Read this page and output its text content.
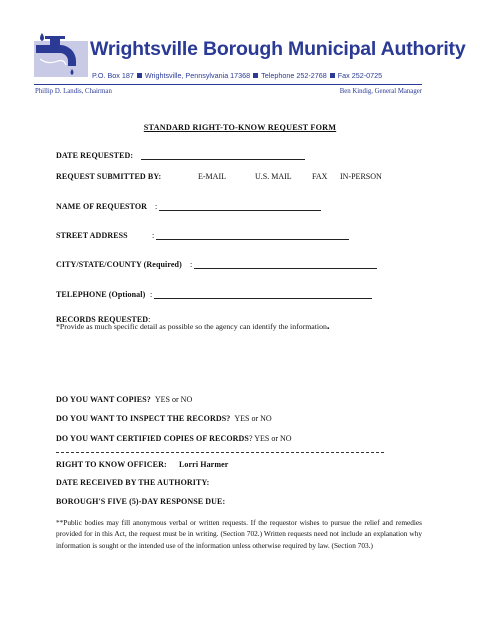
Wrightsville Borough Municipal Authority
P.O. Box 187 Wrightsville, Pennsylvania 17368 Telephone 252-2768 Fax 252-0725
Phillip D. Landis, Chairman	Ben Kindig, General Manager
STANDARD RIGHT-TO-KNOW REQUEST FORM
DATE REQUESTED:
REQUEST SUBMITTED BY:	E-MAIL	U.S. MAIL	FAX IN-PERSON
NAME OF REQUESTOR :
STREET ADDRESS	:
CITY/STATE/COUNTY (Required) :
TELEPHONE (Optional) :
RECORDS REQUESTED:
*Provide as much specific detail as possible so the agency can identify the information.
DO YOU WANT COPIES? YES or NO
DO YOU WANT TO INSPECT THE RECORDS? YES or NO
DO YOU WANT CERTIFIED COPIES OF RECORDS? YES or NO
RIGHT TO KNOW OFFICER: Lorri Harmer
DATE RECEIVED BY THE AUTHORITY:
BOROUGH'S FIVE (5)-DAY RESPONSE DUE:
**Public bodies may fill anonymous verbal or written requests. If the requestor wishes to pursue the relief and remedies provided for in this Act, the request must be in writing. (Section 702.) Written requests need not include an explanation why information is sought or the intended use of the information unless otherwise required by law. (Section 703.)
